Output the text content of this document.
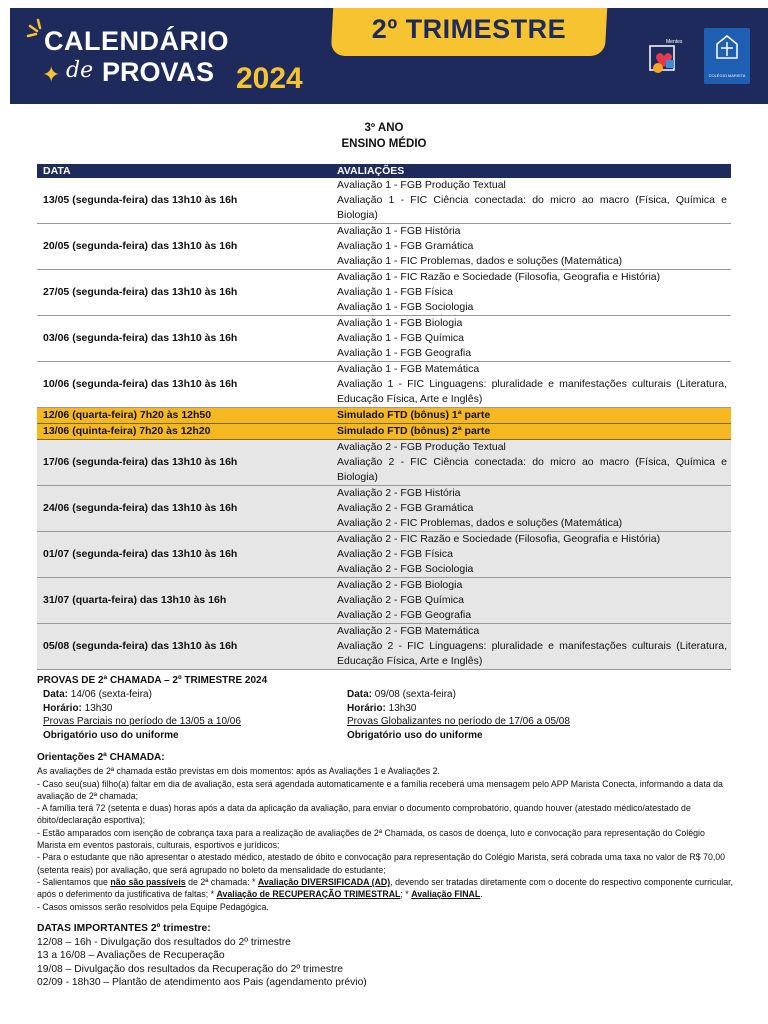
CALENDÁRIO
✦ de PROVAS 2024
2º TRIMESTRE	Mentes
COLÉGIO MARISTA
3º ANO
ENSINO MÉDIO
DATA	AVALIAÇÕES
13/05 (segunda-feira) das 13h10 às 16h	Avaliação 1 - FGB Produção Textual
Avaliação 1 - FIC Ciência conectada: do micro ao macro (Física, Química e Biologia)

20/05 (segunda-feira) das 13h10 às 16h	Avaliação 1 - FGB História
Avaliação 1 - FGB Gramática
Avaliação 1 - FIC Problemas, dados e soluções (Matemática)

27/05 (segunda-feira) das 13h10 às 16h	Avaliação 1 - FIC Razão e Sociedade (Filosofia, Geografia e História)
Avaliação 1 - FGB Física
Avaliação 1 - FGB Sociologia

03/06 (segunda-feira) das 13h10 às 16h	Avaliação 1 - FGB Biologia
Avaliação 1 - FGB Química
Avaliação 1 - FGB Geografia

10/06 (segunda-feira) das 13h10 às 16h	Avaliação 1 - FGB Matemática
Avaliação 1 - FIC Linguagens: pluralidade e manifestações culturais (Literatura, Educação Física, Arte e Inglês)

12/06 (quarta-feira) 7h20 às 12h50	Simulado FTD (bônus) 1ª parte

13/06 (quinta-feira) 7h20 às 12h20	Simulado FTD (bônus) 2ª parte

17/06 (segunda-feira) das 13h10 às 16h	Avaliação 2 - FGB Produção Textual
Avaliação 2 - FIC Ciência conectada: do micro ao macro (Física, Química e Biologia)

24/06 (segunda-feira) das 13h10 às 16h	Avaliação 2 - FGB História
Avaliação 2 - FGB Gramática
Avaliação 2 - FIC Problemas, dados e soluções (Matemática)

01/07 (segunda-feira) das 13h10 às 16h	Avaliação 2 - FIC Razão e Sociedade (Filosofia, Geografia e História)
Avaliação 2 - FGB Física
Avaliação 2 - FGB Sociologia

31/07 (quarta-feira) das 13h10 às 16h	Avaliação 2 - FGB Biologia
Avaliação 2 - FGB Química
Avaliação 2 - FGB Geografia

05/08 (segunda-feira) das 13h10 às 16h	Avaliação 2 - FGB Matemática
Avaliação 2 - FIC Linguagens: pluralidade e manifestações culturais (Literatura, Educação Física, Arte e Inglês)
PROVAS DE 2ª CHAMADA – 2º TRIMESTRE 2024
Data: 14/06 (sexta-feira)
Horário: 13h30
Provas Parciais no período de 13/05 a 10/06
Obrigatório uso do uniforme
Data: 09/08 (sexta-feira)
Horário: 13h30
Provas Globalizantes no período de 17/06 a 05/08
Obrigatório uso do uniforme
Orientações 2ª CHAMADA:
As avaliações de 2ª chamada estão previstas em dois momentos: após as Avaliações 1 e Avaliações 2.
- Caso seu(sua) filho(a) faltar em dia de avaliação, esta será agendada automaticamente e a família receberá uma mensagem pelo APP Marista Conecta, informando a data da avaliação de 2ª chamada;
- A família terá 72 (setenta e duas) horas após a data da aplicação da avaliação, para enviar o documento comprobatório, quando houver (atestado médico/atestado de óbito/declaração esportiva);
- Estão amparados com isenção de cobrança taxa para a realização de avaliações de 2ª Chamada, os casos de doença, luto e convocação para representação do Colégio Marista em eventos pastorais, culturais, esportivos e jurídicos;
- Para o estudante que não apresentar o atestado médico, atestado de óbito e convocação para representação do Colégio Marista, será cobrada uma taxa no valor de R$ 70,00 (setenta reais) por avaliação, que será agrupado no boleto da mensalidade do estudante;
- Salientamos que não são passíveis de 2ª chamada: * Avaliação DIVERSIFICADA (AD), devendo ser tratadas diretamente com o docente do respectivo componente curricular, após o deferimento da justificativa de faltas; * Avaliação de RECUPERAÇÃO TRIMESTRAL; * Avaliação FINAL.
- Casos omissos serão resolvidos pela Equipe Pedagógica.
DATAS IMPORTANTES 2º trimestre:
12/08 – 16h - Divulgação dos resultados do 2º trimestre
13 a 16/08 – Avaliações de Recuperação
19/08 – Divulgação dos resultados da Recuperação do 2º trimestre
02/09 - 18h30 – Plantão de atendimento aos Pais (agendamento prévio)
